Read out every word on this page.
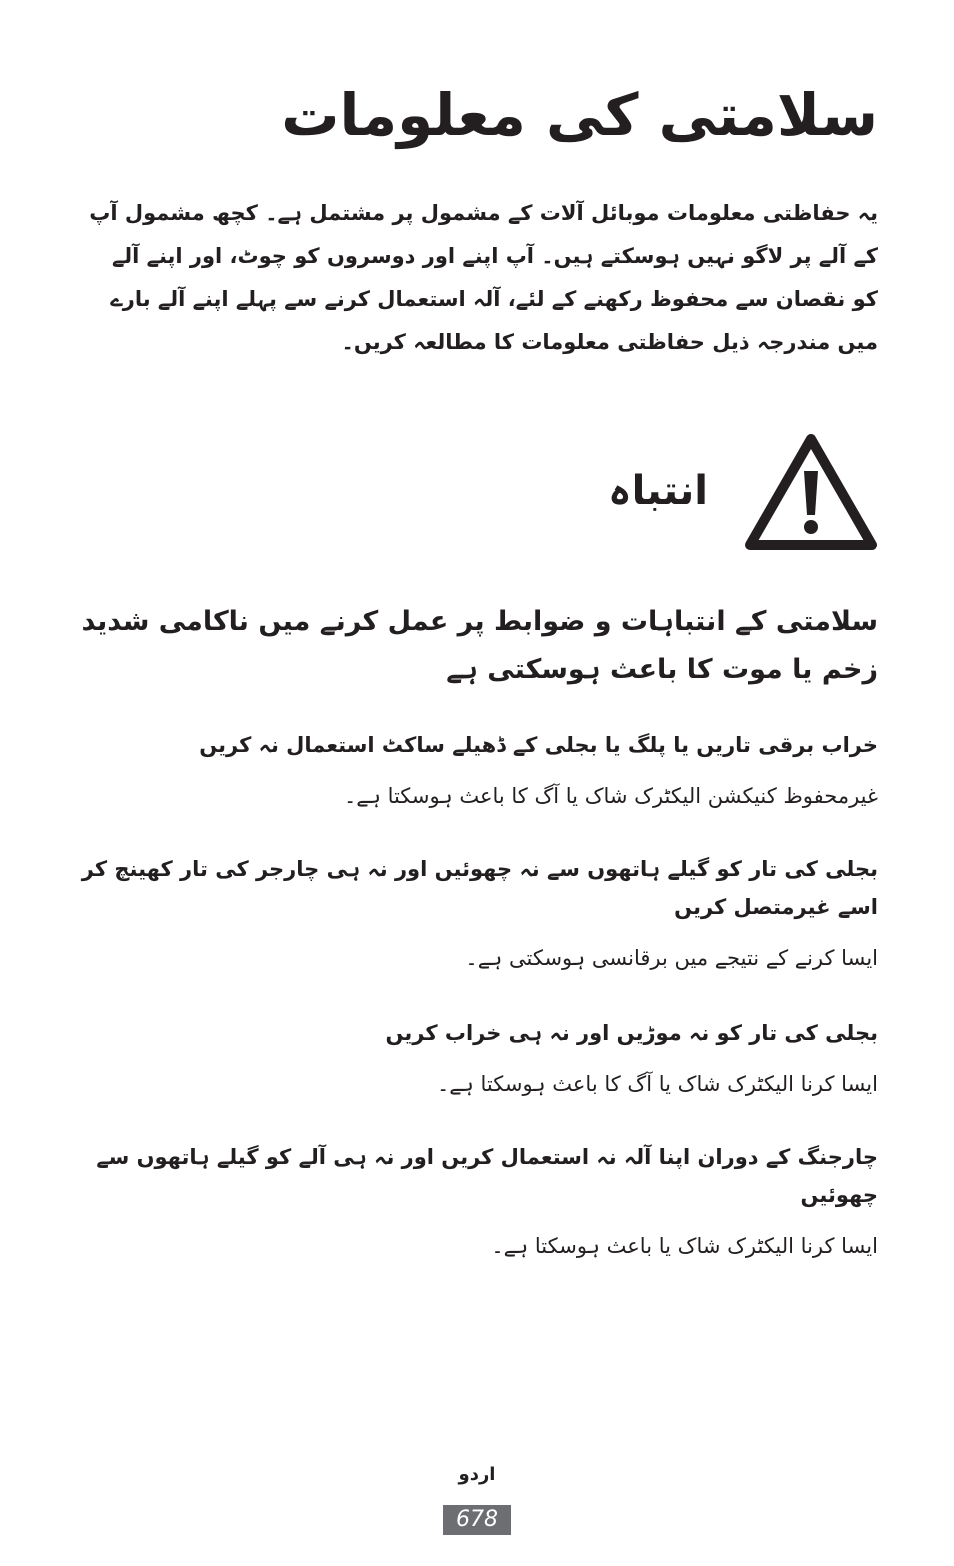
سلامتی کی معلومات
یہ حفاظتی معلومات موبائل آلات کے مشمول پر مشتمل ہے۔ کچھ مشمول آپ کے آلے پر لاگو نہیں ہوسکتے ہیں۔ آپ اپنے اور دوسروں کو چوٹ، اور اپنے آلے کو نقصان سے محفوظ رکھنے کے لئے، آلہ استعمال کرنے سے پہلے اپنے آلے بارے میں مندرجہ ذیل حفاظتی معلومات کا مطالعہ کریں۔
انتباہ
سلامتی کے انتباہات و ضوابط پر عمل کرنے میں ناکامی شدید زخم یا موت کا باعث ہوسکتی ہے
خراب برقی تاریں یا پلگ یا بجلی کے ڈھیلے ساکٹ استعمال نہ کریں
غیرمحفوظ کنیکشن الیکٹرک شاک یا آگ کا باعث ہوسکتا ہے۔
بجلی کی تار کو گیلے ہاتھوں سے نہ چھوئیں اور نہ ہی چارجر کی تار کھینچ کر اسے غیرمتصل کریں
ایسا کرنے کے نتیجے میں برقانسی ہوسکتی ہے۔
بجلی کی تار کو نہ موڑیں اور نہ ہی خراب کریں
ایسا کرنا الیکٹرک شاک یا آگ کا باعث ہوسکتا ہے۔
چارجنگ کے دوران اپنا آلہ نہ استعمال کریں اور نہ ہی آلے کو گیلے ہاتھوں سے چھوئیں
ایسا کرنا الیکٹرک شاک یا باعث ہوسکتا ہے۔
اردو
678
